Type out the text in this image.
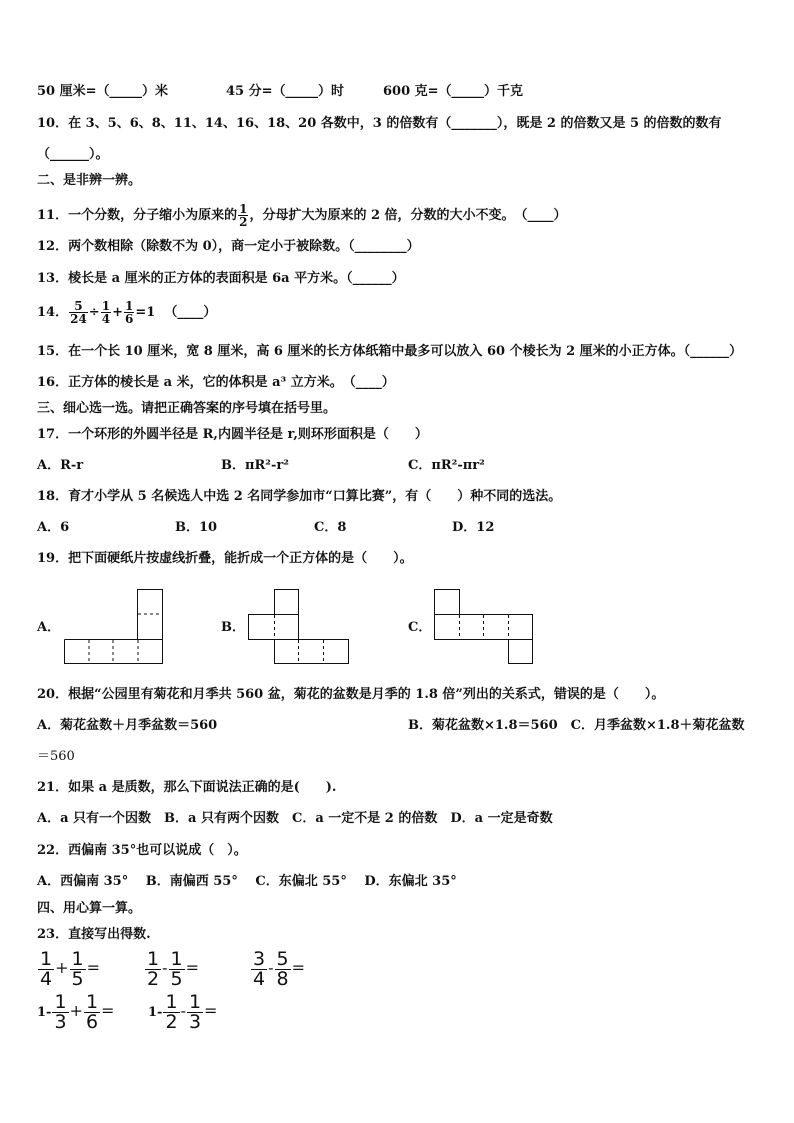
50 厘米=（_____）米	45 分=（_____）时	600 克=（_____）千克
10．在 3、5、6、8、11、14、16、18、20 各数中，3 的倍数有（_______），既是 2 的倍数又是 5 的倍数的数有
（______）。
二、是非辨一辨。
11．一个分数，分子缩小为原来的 $\frac{1}{2}$ ，分母扩大为原来的 2 倍，分数的大小不变。　（____）
12．两个数相除（除数不为 0），商一定小于被除数。（________）
13．棱长是 a 厘米的正方体的表面积是 6a 平方米。（______）
14． $\frac{5}{24} \div \frac{1}{4} + \frac{1}{6} =1$ （____）
15．在一个长 10 厘米，宽 8 厘米，高 6 厘米的长方体纸箱中最多可以放入 60 个棱长为 2 厘米的小正方体。（______）
16．正方体的棱长是 a 米，它的体积是 a³ 立方米。　（____）
三、细心选一选。请把正确答案的序号填在括号里。
17．一个环形的外圆半径是 R,内圆半径是 r,则环形面积是（　　）
A．R-r	B．πR²-r²	C．πR²-πr²
18．育才小学从 5 名候选人中选 2 名同学参加市“口算比赛”，有（　　）种不同的选法。
A．6	B．10	C．8	D．12
19．把下面硬纸片按虚线折叠，能折成一个正方体的是（　　）。
A．	B．	C．
20．根据“公园里有菊花和月季共 560 盆，菊花的盆数是月季的 1.8 倍”列出的关系式，错误的是（　　）。
A．菊花盆数＋月季盆数＝560	B．菊花盆数×1.8＝560　C．月季盆数×1.8＋菊花盆数
＝560
21．如果 a 是质数，那么下面说法正确的是(　　).
A．a 只有一个因数　B．a 只有两个因数　C．a 一定不是 2 的倍数　D．a 一定是奇数
22．西偏南 35°也可以说成（　）。
A．西偏南 35°　 B．南偏西 55°　 C．东偏北 55°　 D．东偏北 35°
四、用心算一算。
23．直接写出得数.
$\frac{1}{4} + \frac{1}{5} = \frac{1}{2} - \frac{1}{5}$ =	$\frac{3}{4} - \frac{5}{8}$ =
$1- \frac{1}{3} + \frac{1}{6}$ =	$1- \frac{1}{2} - \frac{1}{3}$ =
